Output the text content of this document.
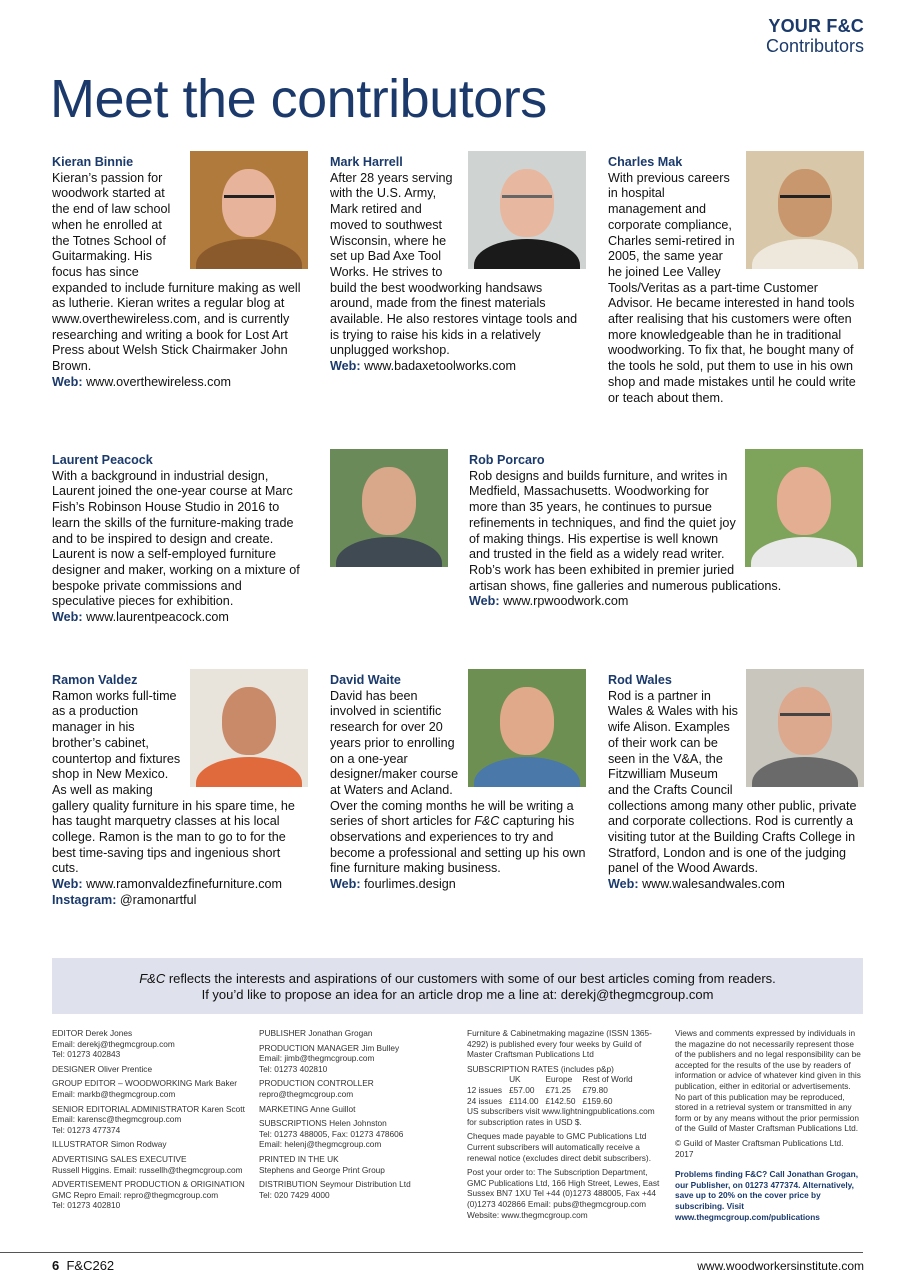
YOUR F&C
Contributors
Meet the contributors
Kieran Binnie

Kieran’s passion for woodwork started at the end of law school when he enrolled at the Totnes School of Guitarmaking. His focus has since expanded to include furniture making as well as lutherie. Kieran writes a regular blog at www.overthewireless.com, and is currently researching and writing a book for Lost Art Press about Welsh Stick Chairmaker John Brown.

Web: www.overthewireless.com

Mark Harrell

After 28 years serving with the U.S. Army, Mark retired and moved to southwest Wisconsin, where he set up Bad Axe Tool Works. He strives to build the best woodworking handsaws around, made from the finest materials available. He also restores vintage tools and is trying to raise his kids in a relatively unplugged workshop.

Web: www.badaxetoolworks.com

Charles Mak

With previous careers in hospital management and corporate compliance, Charles semi-retired in 2005, the same year he joined Lee Valley Tools/Veritas as a part-time Customer Advisor. He became interested in hand tools after realising that his customers were often more knowledgeable than he in traditional woodworking. To fix that, he bought many of the tools he sold, put them to use in his own shop and made mistakes until he could write or teach about them.

Laurent Peacock

With a background in industrial design, Laurent joined the one-year course at Marc Fish’s Robinson House Studio in 2016 to learn the skills of the furniture-making trade and to be inspired to design and create. Laurent is now a self-employed furniture designer and maker, working on a mixture of bespoke private commissions and speculative pieces for exhibition.

Web: www.laurentpeacock.com

Rob Porcaro

Rob designs and builds furniture, and writes in Medfield, Massachusetts. Woodworking for more than 35 years, he continues to pursue refinements in techniques, and find the quiet joy of making things. His expertise is well known and trusted in the field as a widely read writer. Rob’s work has been exhibited in premier juried artisan shows, fine galleries and numerous publications.

Web: www.rpwoodwork.com

Ramon Valdez

Ramon works full-time as a production manager in his brother’s cabinet, countertop and fixtures shop in New Mexico. As well as making gallery quality furniture in his spare time, he has taught marquetry classes at his local college. Ramon is the man to go to for the best time-saving tips and ingenious short cuts.

Web: www.ramonvaldezfinefurniture.com

Instagram: @ramonartful

David Waite

David has been involved in scientific research for over 20 years prior to enrolling on a one-year designer/maker course at Waters and Acland. Over the coming months he will be writing a series of short articles for F&C capturing his observations and experiences to try and become a professional and setting up his own fine furniture making business.

Web: fourlimes.design

Rod Wales

Rod is a partner in Wales & Wales with his wife Alison. Examples of their work can be seen in the V&A, the Fitzwilliam Museum and the Crafts Council collections among many other public, private and corporate collections. Rod is currently a visiting tutor at the Building Crafts College in Stratford, London and is one of the judging panel of the Wood Awards.

Web: www.walesandwales.com

F&C reflects the interests and aspirations of our customers with some of our best articles coming from readers.
If you’d like to propose an idea for an article drop me a line at: derekj@thegmcgroup.com
EDITOR Derek Jones
Email: derekj@thegmcgroup.com
Tel: 01273 402843
DESIGNER Oliver Prentice
GROUP EDITOR – WOODWORKING Mark Baker
Email: markb@thegmcgroup.com
SENIOR EDITORIAL ADMINISTRATOR Karen Scott
Email: karensc@thegmcgroup.com
Tel: 01273 477374
ILLUSTRATOR Simon Rodway
ADVERTISING SALES EXECUTIVE
Russell Higgins. Email: russellh@thegmcgroup.com
ADVERTISEMENT PRODUCTION & ORIGINATION
GMC Repro Email: repro@thegmcgroup.com
Tel: 01273 402810
PUBLISHER Jonathan Grogan
PRODUCTION MANAGER Jim Bulley
Email: jimb@thegmcgroup.com
Tel: 01273 402810
PRODUCTION CONTROLLER
repro@thegmcgroup.com
MARKETING Anne Guillot
SUBSCRIPTIONS Helen Johnston
Tel: 01273 488005, Fax: 01273 478606
Email: helenj@thegmcgroup.com
PRINTED IN THE UK
Stephens and George Print Group
DISTRIBUTION Seymour Distribution Ltd
Tel: 020 7429 4000
Furniture & Cabinetmaking magazine (ISSN 1365-4292) is published every four weeks by Guild of Master Craftsman Publications Ltd
SUBSCRIPTION RATES (includes p&p)
	UK	Europe	Rest of World
12 issues	£57.00	£71.25	£79.80
24 issues	£114.00	£142.50	£159.60
US subscribers visit www.lightningpublications.com for subscription rates in USD $.
Cheques made payable to GMC Publications Ltd
Current subscribers will automatically receive a renewal notice (excludes direct debit subscribers).
Post your order to: The Subscription Department, GMC Publications Ltd, 166 High Street, Lewes, East Sussex BN7 1XU Tel +44 (0)1273 488005, Fax +44 (0)1273 402866 Email: pubs@thegmcgroup.com
Website: www.thegmcgroup.com
Views and comments expressed by individuals in the magazine do not necessarily represent those of the publishers and no legal responsibility can be accepted for the results of the use by readers of information or advice of whatever kind given in this publication, either in editorial or advertisements. No part of this publication may be reproduced, stored in a retrieval system or transmitted in any form or by any means without the prior permission of the Guild of Master Craftsman Publications Ltd.
© Guild of Master Craftsman Publications Ltd. 2017
Problems finding F&C? Call Jonathan Grogan, our Publisher, on 01273 477374. Alternatively, save up to 20% on the cover price by subscribing. Visit www.thegmcgroup.com/publications
6 F&C262	www.woodworkersinstitute.com
